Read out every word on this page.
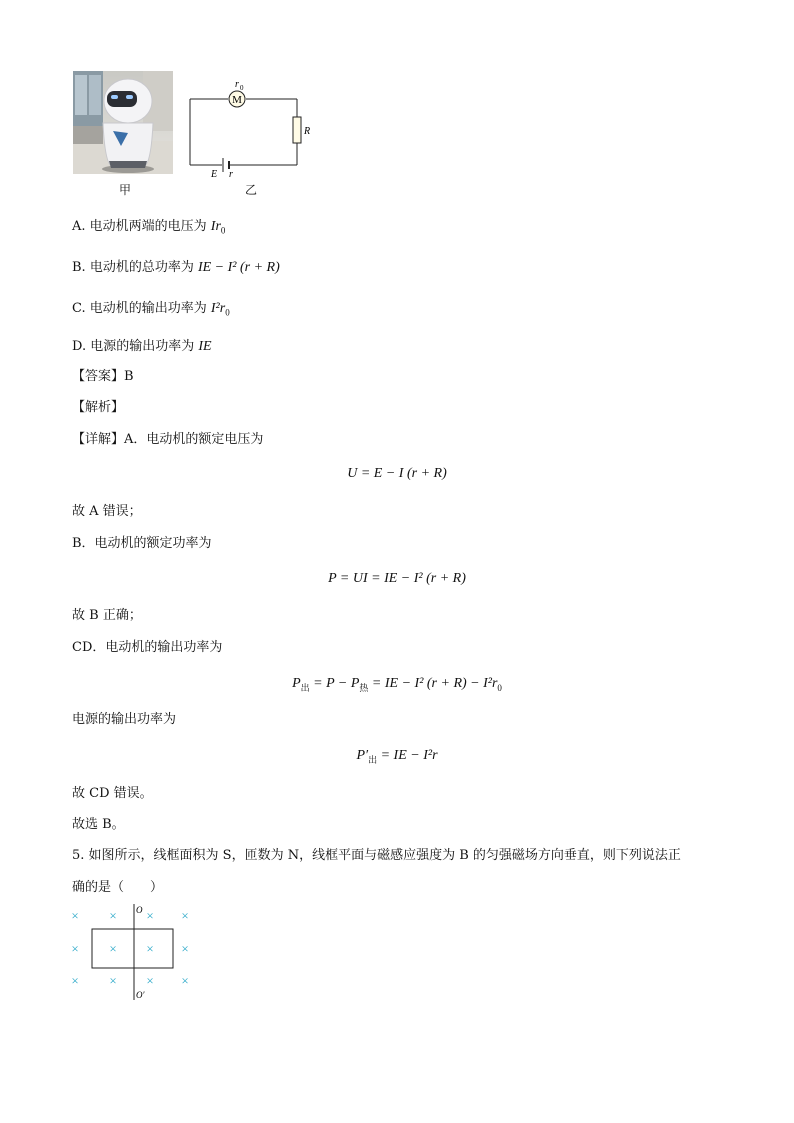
甲
M
r 0
R
E r
乙
A. 电动机两端的电压为 $Ir_0$
B. 电动机的总功率为 IE − I² (r + R)
C. 电动机的输出功率为 $I^2r_0$
D. 电源的输出功率为 IE
【答案】B
【解析】
【详解】A．电动机的额定电压为
U = E − I (r + R)
故 A 错误；
B．电动机的额定功率为
P = UI = IE − I² (r + R)
故 B 正确；
CD．电动机的输出功率为
$P_出 = P - P_热$ = IE − I² $(r + R) - I^2r_0$
电源的输出功率为
$P'_出$ = IE − I²r
故 CD 错误。
故选 B。
5. 如图所示，线框面积为 S，匝数为 N，线框平面与磁感应强度为 B 的匀强磁场方向垂直，则下列说法正
确的是（　　）
O
O′
× × × ×
× × × ×
× × × ×
